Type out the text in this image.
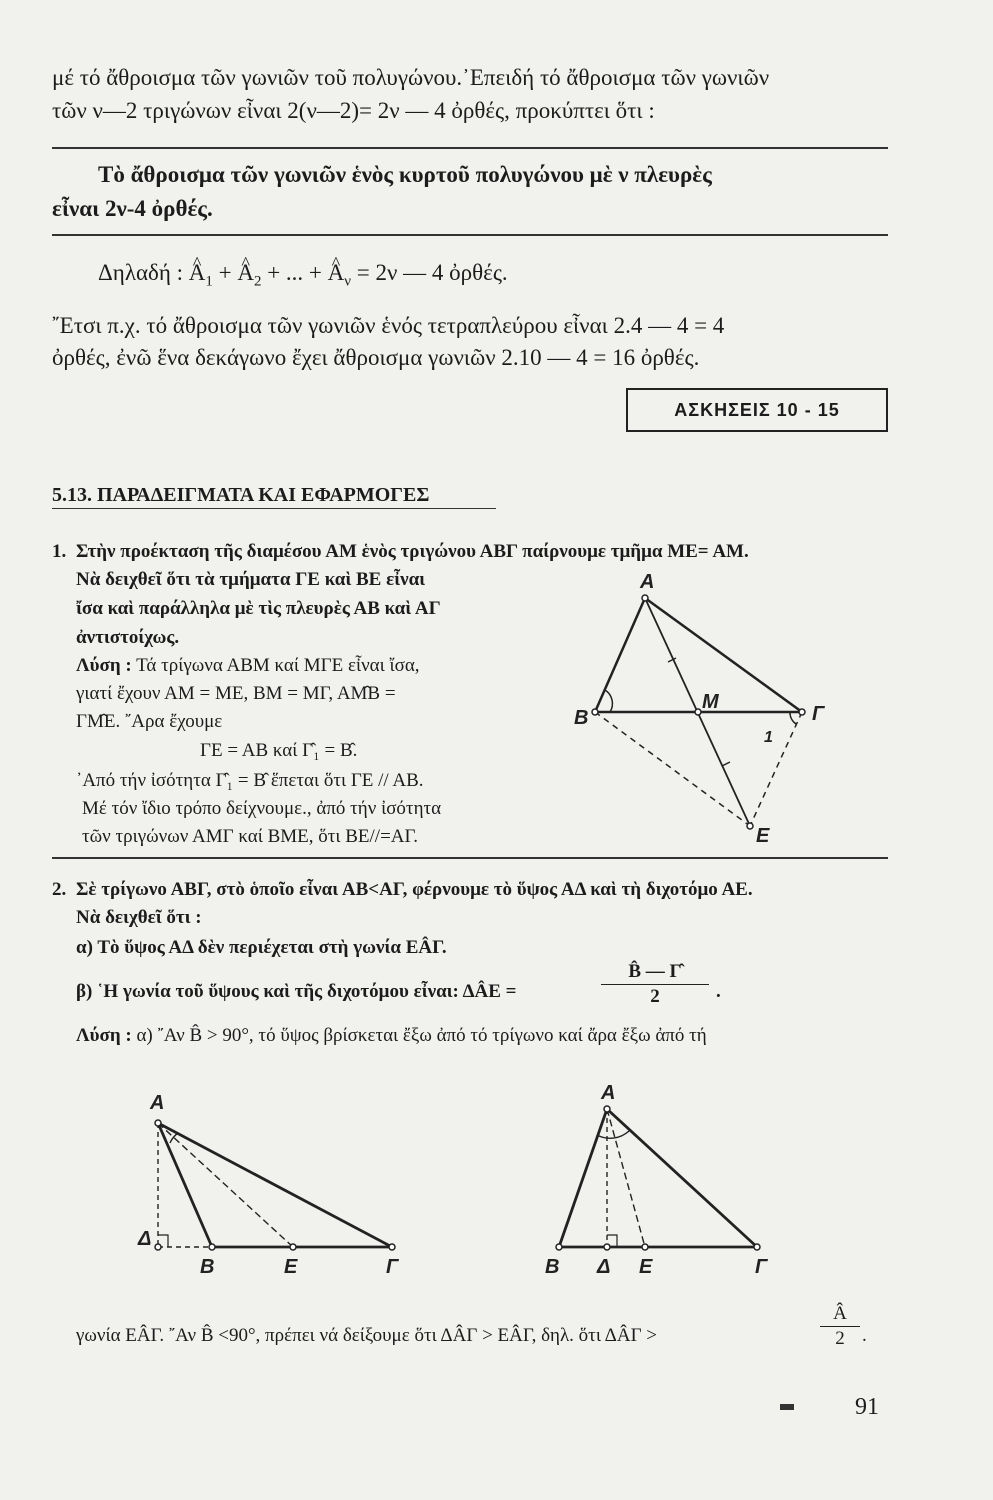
μέ τό ἄθροισμα τῶν γωνιῶν τοῦ πολυγώνου.᾿Επειδή τό ἄθροισμα τῶν γωνιῶν
τῶν ν—2 τριγώνων εἶναι 2(ν—2)= 2ν — 4 ὀρθές, προκύπτει ὅτι :
Τὸ ἄθροισμα τῶν γωνιῶν ἑνὸς κυρτοῦ πολυγώνου μὲ ν πλευρὲς
εἶναι 2ν-4 ὀρθές.
Δηλαδή : ^ $A_1$ + ^ $A_2$ + ... + ^ $A_\nu = 2\nu$ — 4 ὀρθές.
῎Ετσι π.χ. τό ἄθροισμα τῶν γωνιῶν ἑνός τετραπλεύρου εἶναι 2.4 — 4 = 4
ὀρθές, ἐνῶ ἕνα δεκάγωνο ἔχει ἄθροισμα γωνιῶν 2.10 — 4 = 16 ὀρθές.
ΑΣΚΗΣΕΙΣ 10 - 15
5.13. ΠΑΡΑΔΕΙΓΜΑΤΑ ΚΑΙ ΕΦΑΡΜΟΓΕΣ
1. Στὴν προέκταση τῆς διαμέσου ΑΜ ἑνὸς τριγώνου ΑΒΓ παίρνουμε τμῆμα ΜΕ= ΑΜ.
Νὰ δειχθεῖ ὅτι τὰ τμήματα ΓΕ καὶ ΒΕ εἶναι
ἴσα καὶ παράλληλα μὲ τὶς πλευρὲς ΑΒ καὶ ΑΓ
ἀντιστοίχως.
Λύση : Τά τρίγωνα ΑΒΜ καί ΜΓΕ εἶναι ἴσα,
γιατί ἔχουν ΑΜ = ΜΕ, ΒΜ = ΜΓ, ΑΜ̂Β =
ΓΜ̂Ε. ῎Αρα ἔχουμε
ΓΕ = ΑΒ καί Γ̂₁ = Β̂.
᾿Από τήν ἰσότητα Γ̂₁ = Β̂ ἕπεται ὅτι ΓΕ // ΑΒ.
Μέ τόν ἴδιο τρόπο δείχνουμε., ἀπό τήν ἰσότητα
τῶν τριγώνων ΑΜΓ καί ΒΜΕ, ὅτι ΒΕ//=ΑΓ.
A
B
M
Γ
E
1
2. Σὲ τρίγωνο ΑΒΓ, στὸ ὁποῖο εἶναι ΑΒ<ΑΓ, φέρνουμε τὸ ὕψος ΑΔ καὶ τὴ διχοτόμο ΑΕ.
Νὰ δειχθεῖ ὅτι :
α) Τὸ ὕψος ΑΔ δὲν περιέχεται στὴ γωνία ΕÂΓ.
β) ῾Η γωνία τοῦ ὕψους καὶ τῆς διχοτόμου εἶναι: ΔÂΕ =	$\frac{B̂ — \Gammâ}{2}$ .
Λύση : α) ῎Αν B̂ > 90°, τό ὕψος βρίσκεται ἔξω ἀπό τό τρίγωνο καί ἄρα ἔξω ἀπό τή
A
Δ
B	E	Γ
A
B Δ E	Γ
γωνία ΕÂΓ. ῎Αν B̂ <90°, πρέπει νά δείξουμε ὅτι ΔÂΓ > ΕÂΓ, δηλ. ὅτι ΔÂΓ >	$\frac{Â}{2}$ .
91
